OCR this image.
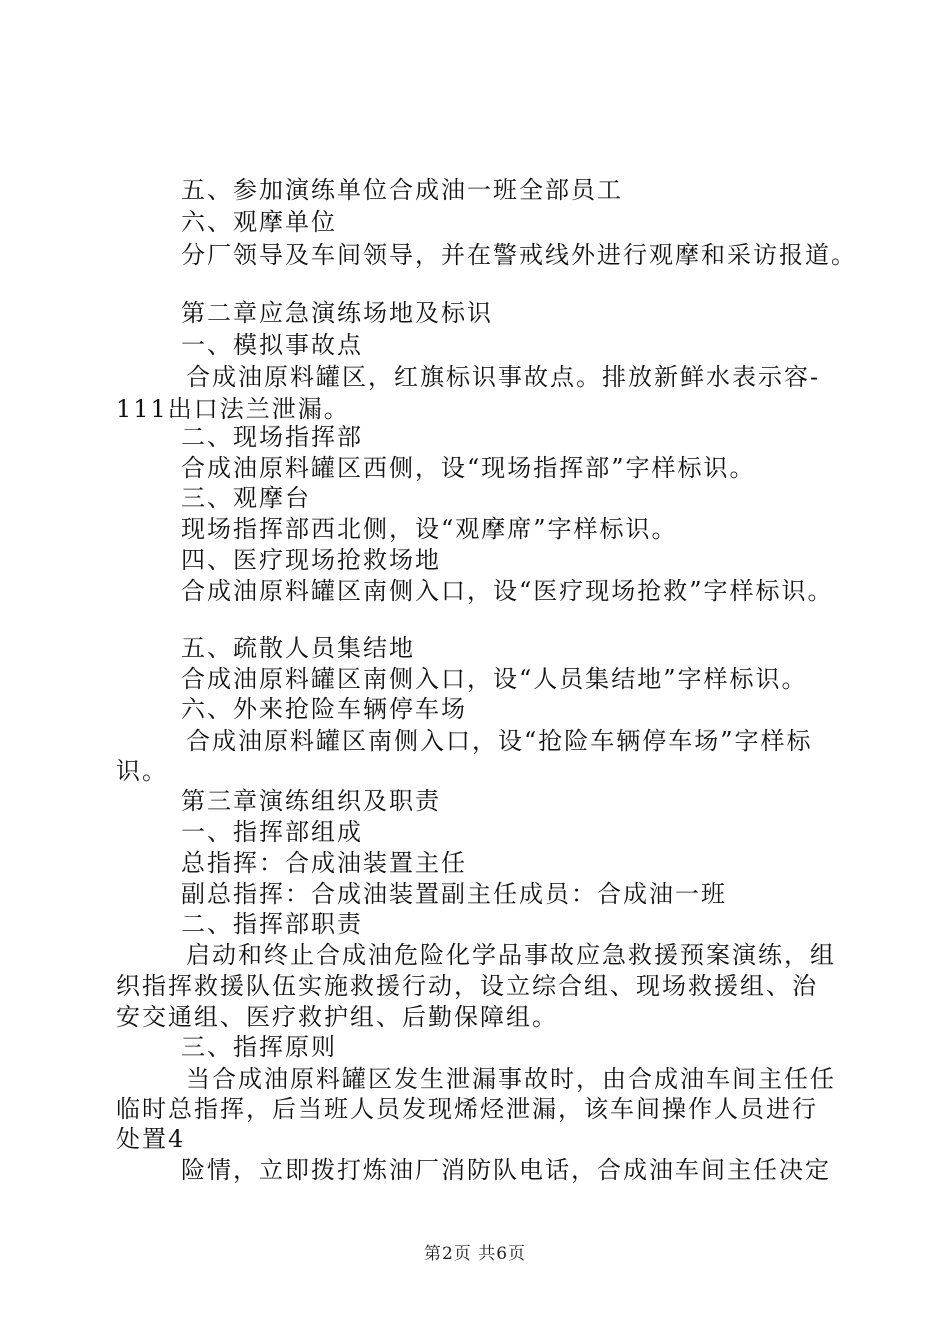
五、参加演练单位合成油一班全部员工
六、观摩单位
分厂领导及车间领导，并在警戒线外进行观摩和采访报道。
第二章应急演练场地及标识
一、模拟事故点
合成油原料罐区，红旗标识事故点。排放新鲜水表示容-
111出口法兰泄漏。
二、现场指挥部
合成油原料罐区西侧，设“现场指挥部”字样标识。
三、观摩台
现场指挥部西北侧，设“观摩席”字样标识。
四、医疗现场抢救场地
合成油原料罐区南侧入口，设“医疗现场抢救”字样标识。
五、疏散人员集结地
合成油原料罐区南侧入口，设“人员集结地”字样标识。
六、外来抢险车辆停车场
合成油原料罐区南侧入口，设“抢险车辆停车场”字样标
识。
第三章演练组织及职责
一、指挥部组成
总指挥：合成油装置主任
副总指挥：合成油装置副主任成员：合成油一班
二、指挥部职责
启动和终止合成油危险化学品事故应急救援预案演练，组
织指挥救援队伍实施救援行动，设立综合组、现场救援组、治
安交通组、医疗救护组、后勤保障组。
三、指挥原则
当合成油原料罐区发生泄漏事故时，由合成油车间主任任
临时总指挥，后当班人员发现烯烃泄漏，该车间操作人员进行
处置4
险情，立即拨打炼油厂消防队电话，合成油车间主任决定
第2页 共6页
